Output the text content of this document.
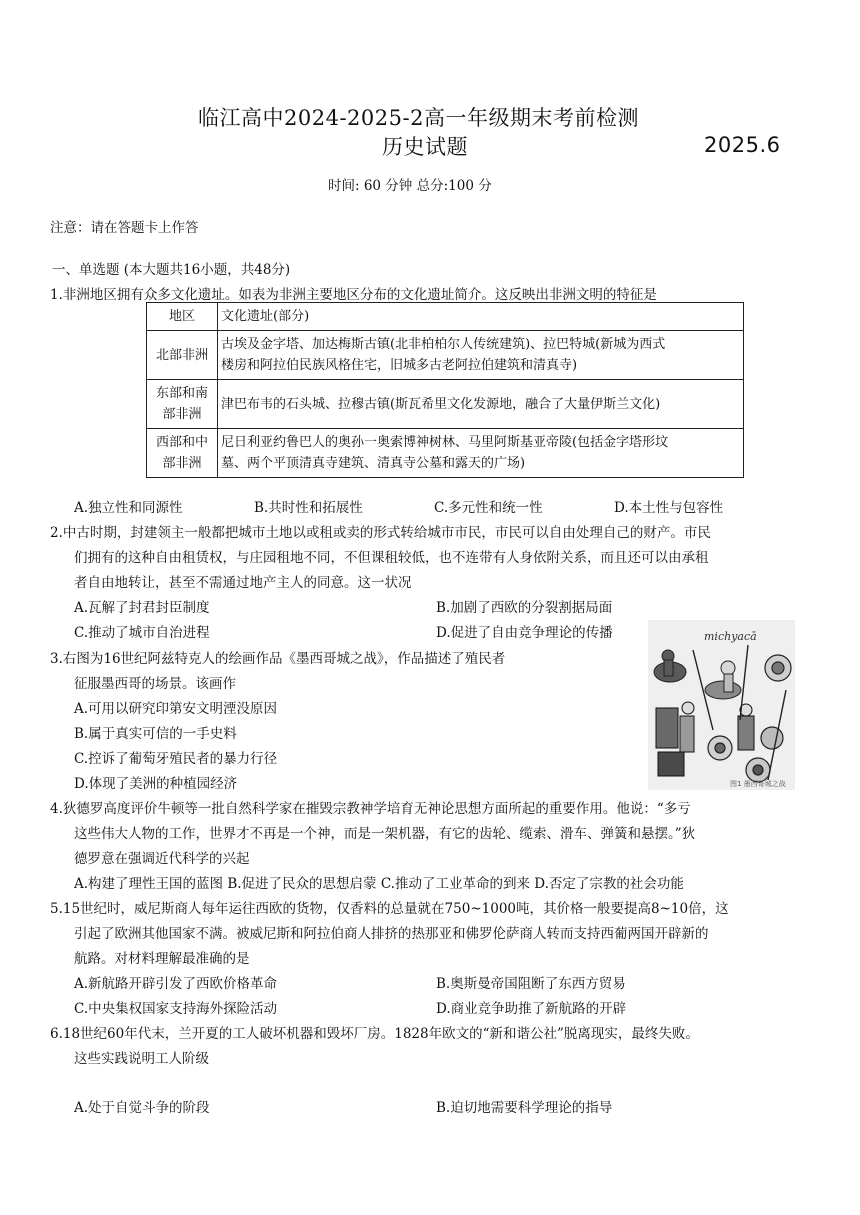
临江高中2024-2025-2高一年级期末考前检测
历史试题	2025.6
时间: 60 分钟 总分:100 分
注意：请在答题卡上作答
一、单选题 (本大题共16小题，共48分)
1.非洲地区拥有众多文化遗址。如表为非洲主要地区分布的文化遗址简介。这反映出非洲文明的特征是
地区	文化遗址(部分)
北部非洲	古埃及金字塔、加达梅斯古镇(北非柏柏尔人传统建筑)、拉巴特城(新城为西式
楼房和阿拉伯民族风格住宅，旧城多古老阿拉伯建筑和清真寺)
东部和南
部非洲	津巴布韦的石头城、拉穆古镇(斯瓦希里文化发源地，融合了大量伊斯兰文化)
西部和中
部非洲	尼日利亚约鲁巴人的奥孙一奥索博神树林、马里阿斯基亚帝陵(包括金字塔形坟
墓、两个平顶清真寺建筑、清真寺公墓和露天的广场)
A.独立性和同源性	B.共时性和拓展性	C.多元性和统一性	D.本土性与包容性
2.中古时期，封建领主一般都把城市土地以或租或卖的形式转给城市市民，市民可以自由处理自己的财产。市民
们拥有的这种自由租赁权，与庄园租地不同，不但课租较低，也不连带有人身依附关系，而且还可以由承租
者自由地转让，甚至不需通过地产主人的同意。这一状况
A.瓦解了封君封臣制度	B.加剧了西欧的分裂割据局面
C.推动了城市自治进程	D.促进了自由竞争理论的传播
3.右图为16世纪阿兹特克人的绘画作品《墨西哥城之战》，作品描述了殖民者
征服墨西哥的场景。该画作
A.可用以研究印第安文明湮没原因
B.属于真实可信的一手史料
C.控诉了葡萄牙殖民者的暴力行径
D.体现了美洲的种植园经济
michyacā
图1 墨西哥城之战
4.狄德罗高度评价牛顿等一批自然科学家在摧毁宗教神学培育无神论思想方面所起的重要作用。他说：“多亏
这些伟大人物的工作，世界才不再是一个神，而是一架机器，有它的齿轮、缆索、滑车、弹簧和悬摆。”狄
德罗意在强调近代科学的兴起
A.构建了理性王国的蓝图 B.促进了民众的思想启蒙 C.推动了工业革命的到来 D.否定了宗教的社会功能
5.15世纪时，威尼斯商人每年运往西欧的货物，仅香料的总量就在750~1000吨，其价格一般要提高8~10倍，这
引起了欧洲其他国家不满。被威尼斯和阿拉伯商人排挤的热那亚和佛罗伦萨商人转而支持西葡两国开辟新的
航路。对材料理解最准确的是
A.新航路开辟引发了西欧价格革命	B.奥斯曼帝国阻断了东西方贸易
C.中央集权国家支持海外探险活动	D.商业竞争助推了新航路的开辟
6.18世纪60年代末，兰开夏的工人破坏机器和毁坏厂房。1828年欧文的“新和谐公社”脱离现实，最终失败。
这些实践说明工人阶级
A.处于自觉斗争的阶段	B.迫切地需要科学理论的指导
